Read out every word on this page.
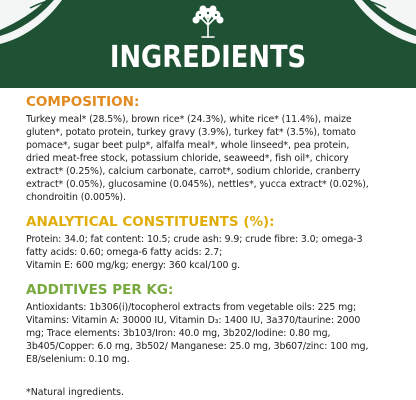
INGREDIENTS
COMPOSITION:
Turkey meal* (28.5%), brown rice* (24.3%), white rice* (11.4%), maize
gluten*, potato protein, turkey gravy (3.9%), turkey fat* (3.5%), tomato
pomace*, sugar beet pulp*, alfalfa meal*, whole linseed*, pea protein,
dried meat-free stock, potassium chloride, seaweed*, fish oil*, chicory
extract* (0.25%), calcium carbonate, carrot*, sodium chloride, cranberry
extract* (0.05%), glucosamine (0.045%), nettles*, yucca extract* (0.02%),
chondroitin (0.005%).
ANALYTICAL CONSTITUENTS (%):
Protein: 34.0; fat content: 10.5; crude ash: 9.9; crude fibre: 3.0; omega-3
fatty acids: 0.60; omega-6 fatty acids: 2.7;
Vitamin E: 600 mg/kg; energy: 360 kcal/100 g.
ADDITIVES PER KG:
Antioxidants: 1b306(i)/tocopherol extracts from vegetable oils: 225 mg;
Vitamins: Vitamin A: 30000 IU, Vitamin D₃: 1400 IU, 3a370/taurine: 2000
mg; Trace elements: 3b103/Iron: 40.0 mg, 3b202/Iodine: 0.80 mg,
3b405/Copper: 6.0 mg, 3b502/ Manganese: 25.0 mg, 3b607/zinc: 100 mg,
E8/selenium: 0.10 mg.
*Natural ingredients.
